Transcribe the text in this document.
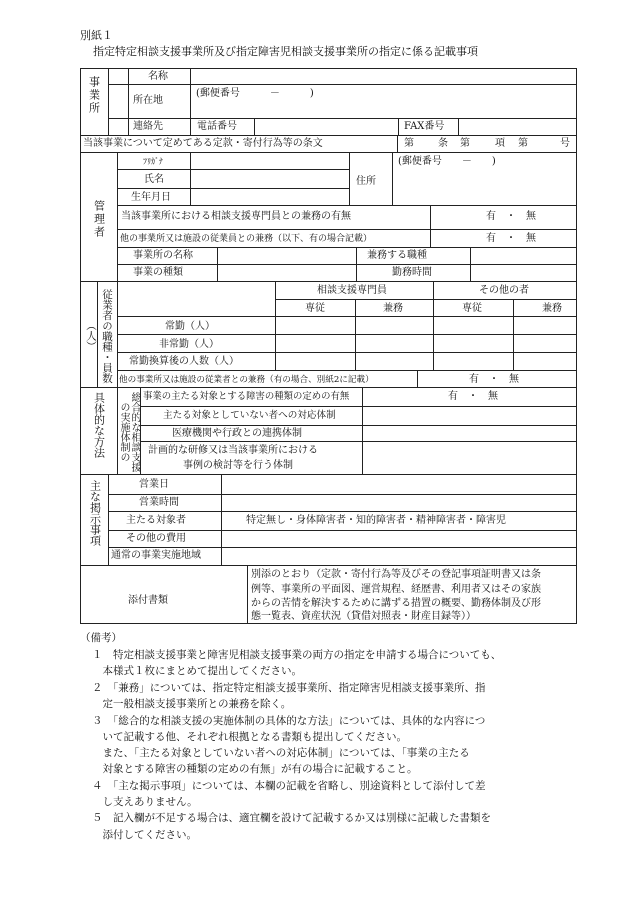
別紙１
指定特定相談支援事業所及び指定障害児相談支援事業所の指定に係る記載事項
事業所	名称
所在地
(郵便番号　　　－　　　)
連絡先	電話番号	FAX番号
当該事業について定めてある定款・寄付行為等の条文	第 条 第	項 第	号
管理者
ﾌﾘｶﾞﾅ
氏名
生年月日
住所
(郵便番号　　－　　)
当該事業所における相談支援専門員との兼務の有無	有　・　無
他の事業所又は施設の従業員との兼務（以下、有の場合記載）	有　・　無
事業所の名称	兼務する職種
事業の種類	勤務時間
従業者の職種・員数（人）
相談支援専門員	その他の者
専従	兼務	専従	兼務
常勤（人）
非常勤（人）
常勤換算後の人数（人）
他の事業所又は施設の従業者との兼務（有の場合、別紙2に記載）	有　・　無
具体的な方法	総合的な相談支援の実施体制の
事業の主たる対象とする障害の種類の定めの有無	有　・　無
主たる対象としていない者への対応体制
医療機関や行政との連携体制
計画的な研修又は当該事業所における
事例の検討等を行う体制
主な掲示事項	営業日
営業時間
主たる対象者	特定無し・身体障害者・知的障害者・精神障害者・障害児
その他の費用
通常の事業実施地域
添付書類
別添のとおり（定款・寄付行為等及びその登記事項証明書又は条
例等、事業所の平面図、運営規程、経歴書、利用者又はその家族
からの苦情を解決するために講ずる措置の概要、勤務体制及び形
態一覧表、資産状況（貸借対照表・財産目録等））
（備考）
１　特定相談支援事業と障害児相談支援事業の両方の指定を申請する場合についても、
　本様式１枚にまとめて提出してください。
２　「兼務」については、指定特定相談支援事業所、指定障害児相談支援事業所、指
　定一般相談支援事業所との兼務を除く。
３　「総合的な相談支援の実施体制の具体的な方法」については、具体的な内容につ
　いて記載する他、それぞれ根拠となる書類も提出してください。
　また、「主たる対象としていない者への対応体制」については、「事業の主たる
　対象とする障害の種類の定めの有無」が有の場合に記載すること。
４　「主な掲示事項」については、本欄の記載を省略し、別途資料として添付して差
　し支えありません。
５　記入欄が不足する場合は、適宜欄を設けて記載するか又は別様に記載した書類を
　添付してください。
